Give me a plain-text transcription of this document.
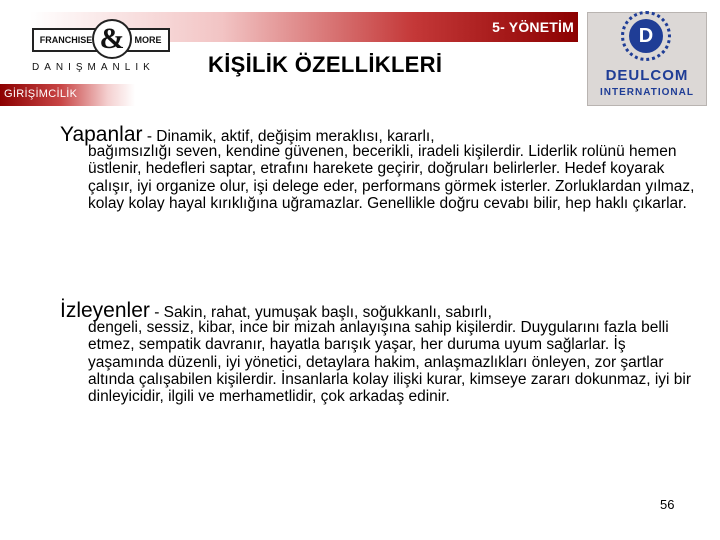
5- YÖNETİM
FRANCHISE	MORE
&
DANIŞMANLIK
D
DEULCOM
INTERNATIONAL
KİŞİLİK ÖZELLİKLERİ
GİRİŞİMCİLİK
Yapanlar - Dinamik, aktif, değişim meraklısı, kararlı,
bağımsızlığı seven, kendine güvenen, becerikli, iradeli kişilerdir. Liderlik rolünü hemen üstlenir, hedefleri saptar, etrafını harekete geçirir, doğruları belirlerler. Hedef koyarak çalışır, iyi organize olur, işi delege eder, performans görmek isterler. Zorluklardan yılmaz, kolay kolay hayal kırıklığına uğramazlar. Genellikle doğru cevabı bilir, hep haklı çıkarlar.
İzleyenler - Sakin, rahat, yumuşak başlı, soğukkanlı, sabırlı,
dengeli, sessiz, kibar, ince bir mizah anlayışına sahip kişilerdir. Duygularını fazla belli etmez, sempatik davranır, hayatla barışık yaşar, her duruma uyum sağlarlar. İş yaşamında düzenli, iyi yönetici, detaylara hakim, anlaşmazlıkları önleyen, zor şartlar altında çalışabilen kişilerdir. İnsanlarla kolay ilişki kurar, kimseye zararı dokunmaz, iyi bir dinleyicidir, ilgili ve merhametlidir, çok arkadaş edinir.
56
